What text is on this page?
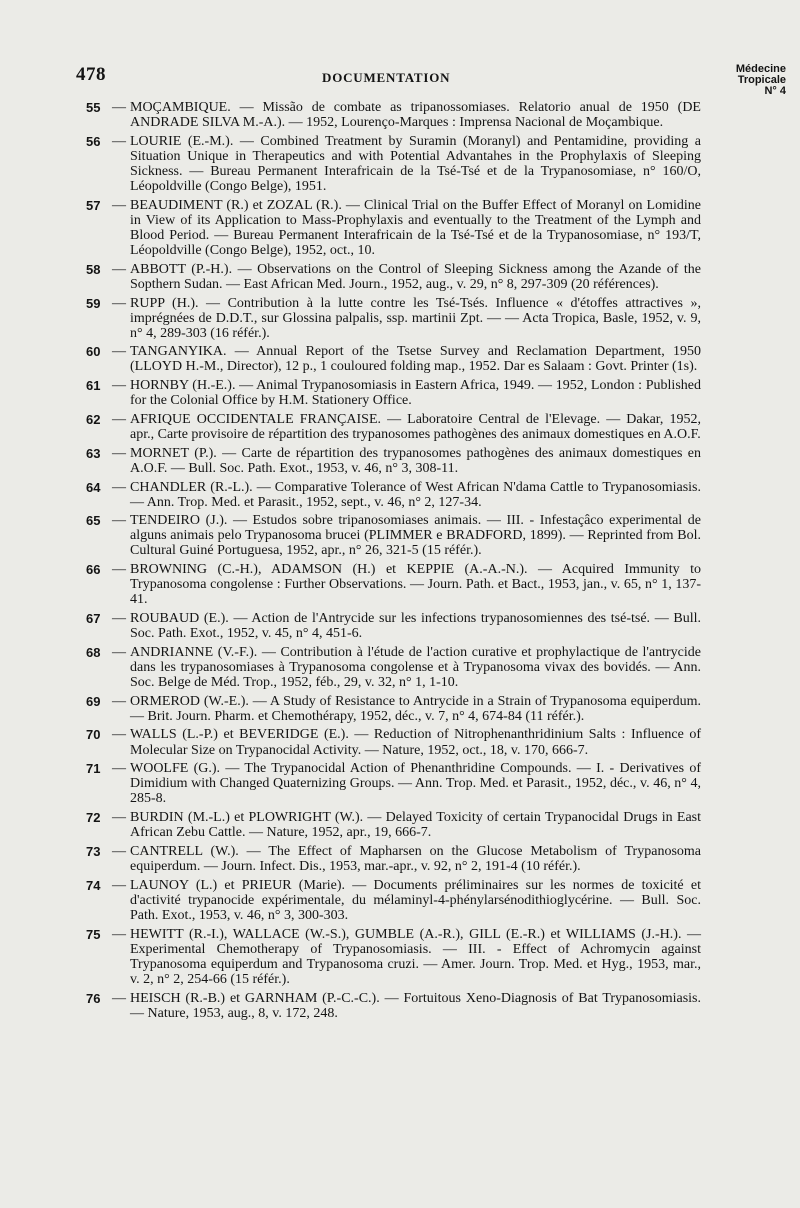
478	DOCUMENTATION
Médecine
Tropicale
N° 4
55 — MOÇAMBIQUE. — Missão de combate as tripanossomiases. Relatorio anual de 1950 (DE ANDRADE SILVA M.-A.). — 1952, Lourenço-Marques : Imprensa Nacional de Moçambique.
56 — LOURIE (E.-M.). — Combined Treatment by Suramin (Moranyl) and Pentamidine, providing a Situation Unique in Therapeutics and with Potential Advantahes in the Prophylaxis of Sleeping Sickness. — Bureau Permanent Interafricain de la Tsé-Tsé et de la Trypanosomiase, n° 160/O, Léopoldville (Congo Belge), 1951.
57 — BEAUDIMENT (R.) et ZOZAL (R.). — Clinical Trial on the Buffer Effect of Moranyl on Lomidine in View of its Application to Mass-Prophylaxis and eventually to the Treatment of the Lymph and Blood Period. — Bureau Permanent Interafricain de la Tsé-Tsé et de la Trypanosomiase, n° 193/T, Léopoldville (Congo Belge), 1952, oct., 10.
58 — ABBOTT (P.-H.). — Observations on the Control of Sleeping Sickness among the Azande of the Sopthern Sudan. — East African Med. Journ., 1952, aug., v. 29, n° 8, 297-309 (20 références).
59 — RUPP (H.). — Contribution à la lutte contre les Tsé-Tsés. Influence « d'étoffes attractives », imprégnées de D.D.T., sur Glossina palpalis, ssp. martinii Zpt. — — Acta Tropica, Basle, 1952, v. 9, n° 4, 289-303 (16 référ.).
60 — TANGANYIKA. — Annual Report of the Tsetse Survey and Reclamation Department, 1950 (LLOYD H.-M., Director), 12 p., 1 couloured folding map., 1952. Dar es Salaam : Govt. Printer (1s).
61 — HORNBY (H.-E.). — Animal Trypanosomiasis in Eastern Africa, 1949. — 1952, London : Published for the Colonial Office by H.M. Stationery Office.
62 — AFRIQUE OCCIDENTALE FRANÇAISE. — Laboratoire Central de l'Elevage. — Dakar, 1952, apr., Carte provisoire de répartition des trypanosomes pathogènes des animaux domestiques en A.O.F.
63 — MORNET (P.). — Carte de répartition des trypanosomes pathogènes des animaux domestiques en A.O.F. — Bull. Soc. Path. Exot., 1953, v. 46, n° 3, 308-11.
64 — CHANDLER (R.-L.). — Comparative Tolerance of West African N'dama Cattle to Trypanosomiasis. — Ann. Trop. Med. et Parasit., 1952, sept., v. 46, n° 2, 127-34.
65 — TENDEIRO (J.). — Estudos sobre tripanosomiases animais. — III. - Infestaçâco experimental de alguns animais pelo Trypanosoma brucei (PLIMMER e BRADFORD, 1899). — Reprinted from Bol. Cultural Guiné Portuguesa, 1952, apr., n° 26, 321-5 (15 référ.).
66 — BROWNING (C.-H.), ADAMSON (H.) et KEPPIE (A.-A.-N.). — Acquired Immunity to Trypanosoma congolense : Further Observations. — Journ. Path. et Bact., 1953, jan., v. 65, n° 1, 137-41.
67 — ROUBAUD (E.). — Action de l'Antrycide sur les infections trypanosomiennes des tsé-tsé. — Bull. Soc. Path. Exot., 1952, v. 45, n° 4, 451-6.
68 — ANDRIANNE (V.-F.). — Contribution à l'étude de l'action curative et prophylactique de l'antrycide dans les trypanosomiases à Trypanosoma congolense et à Trypanosoma vivax des bovidés. — Ann. Soc. Belge de Méd. Trop., 1952, féb., 29, v. 32, n° 1, 1-10.
69 — ORMEROD (W.-E.). — A Study of Resistance to Antrycide in a Strain of Trypanosoma equiperdum. — Brit. Journ. Pharm. et Chemothérapy, 1952, déc., v. 7, n° 4, 674-84 (11 référ.).
70 — WALLS (L.-P.) et BEVERIDGE (E.). — Reduction of Nitrophenanthridinium Salts : Influence of Molecular Size on Trypanocidal Activity. — Nature, 1952, oct., 18, v. 170, 666-7.
71 — WOOLFE (G.). — The Trypanocidal Action of Phenanthridine Compounds. — I. - Derivatives of Dimidium with Changed Quaternizing Groups. — Ann. Trop. Med. et Parasit., 1952, déc., v. 46, n° 4, 285-8.
72 — BURDIN (M.-L.) et PLOWRIGHT (W.). — Delayed Toxicity of certain Trypanocidal Drugs in East African Zebu Cattle. — Nature, 1952, apr., 19, 666-7.
73 — CANTRELL (W.). — The Effect of Mapharsen on the Glucose Metabolism of Trypanosoma equiperdum. — Journ. Infect. Dis., 1953, mar.-apr., v. 92, n° 2, 191-4 (10 référ.).
74 — LAUNOY (L.) et PRIEUR (Marie). — Documents préliminaires sur les normes de toxicité et d'activité trypanocide expérimentale, du mélaminyl-4-phénylarsénodithioglycérine. — Bull. Soc. Path. Exot., 1953, v. 46, n° 3, 300-303.
75 — HEWITT (R.-I.), WALLACE (W.-S.), GUMBLE (A.-R.), GILL (E.-R.) et WILLIAMS (J.-H.). — Experimental Chemotherapy of Trypanosomiasis. — III. - Effect of Achromycin against Trypanosoma equiperdum and Trypanosoma cruzi. — Amer. Journ. Trop. Med. et Hyg., 1953, mar., v. 2, n° 2, 254-66 (15 référ.).
76 — HEISCH (R.-B.) et GARNHAM (P.-C.-C.). — Fortuitous Xeno-Diagnosis of Bat Trypanosomiasis. — Nature, 1953, aug., 8, v. 172, 248.
